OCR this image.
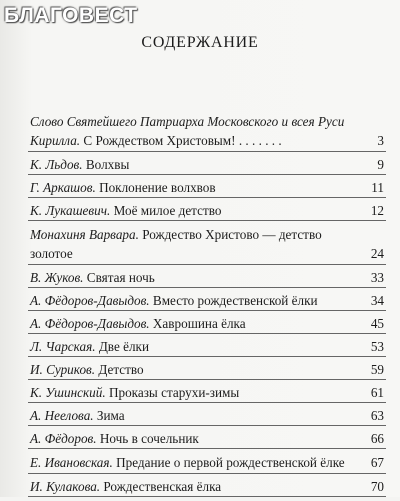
БЛАГОВЕСТ
СОДЕРЖАНИЕ
Слово Святейшего Патриарха Московского и всея Руси Кирилла. С Рождеством Христовым! . . . . . . .	3
К. Льдов. Волхвы	9
Г. Аркашов. Поклонение волхвов	11
К. Лукашевич. Моё милое детство	12
Монахиня Варвара. Рождество Христово — детство золотое	24
В. Жуков. Святая ночь	33
А. Фёдоров-Давыдов. Вместо рождественской ёлки	34
А. Фёдоров-Давыдов. Хаврошина ёлка	45
Л. Чарская. Две ёлки	53
И. Суриков. Детство	59
К. Ушинский. Проказы старухи-зимы	61
А. Неелова. Зима	63
А. Фёдоров. Ночь в сочельник	66
Е. Ивановская. Предание о первой рождественской ёлке 67
И. Кулакова. Рождественская ёлка	70
